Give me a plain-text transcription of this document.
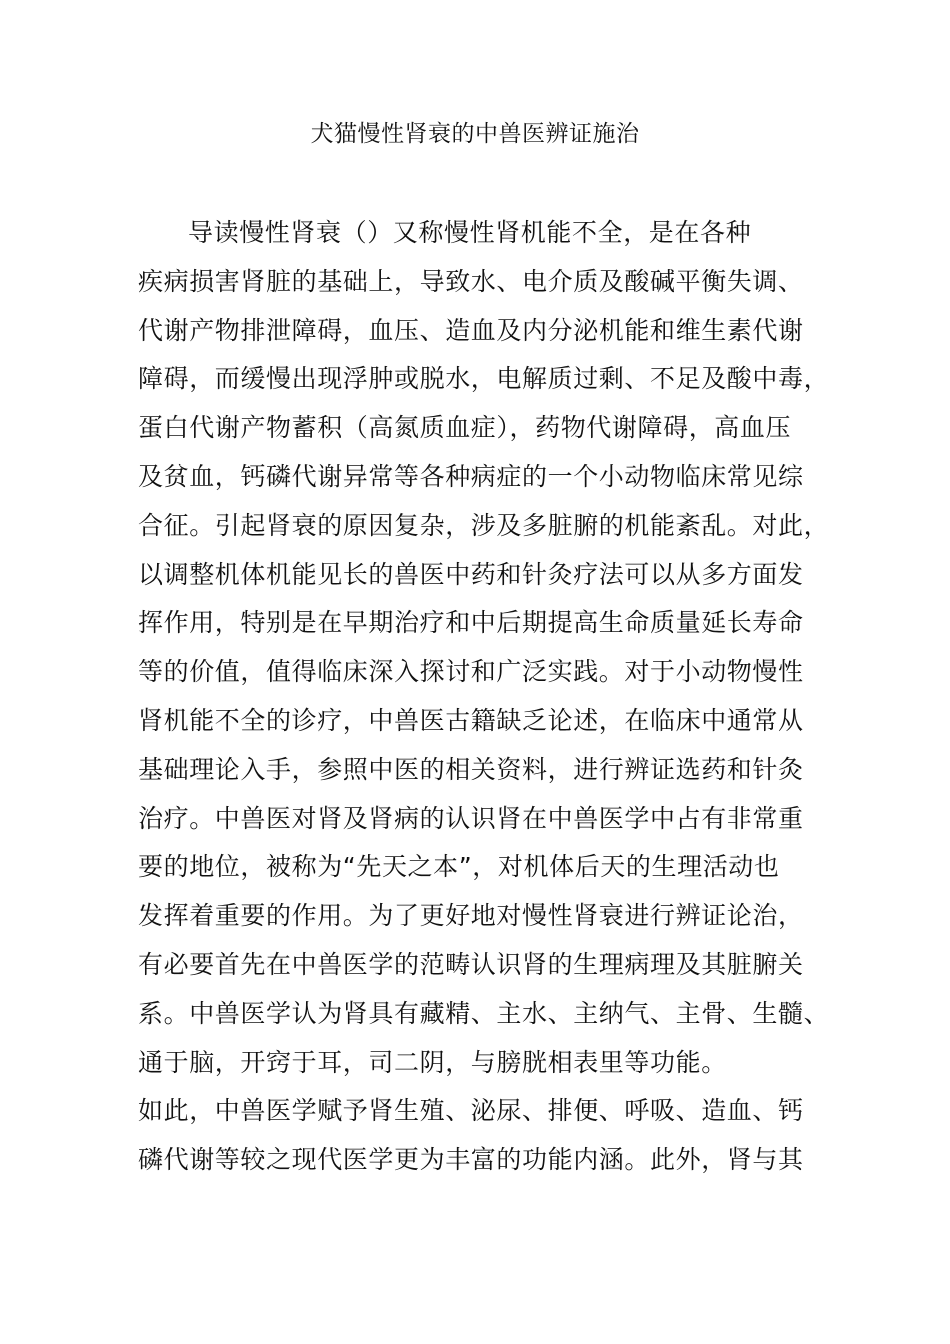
犬猫慢性肾衰的中兽医辨证施治
导读慢性肾衰（）又称慢性肾机能不全，是在各种
疾病损害肾脏的基础上，导致水、电介质及酸碱平衡失调、
代谢产物排泄障碍，血压、造血及内分泌机能和维生素代谢
障碍，而缓慢出现浮肿或脱水，电解质过剩、不足及酸中毒，
蛋白代谢产物蓄积（高氮质血症），药物代谢障碍，高血压
及贫血，钙磷代谢异常等各种病症的一个小动物临床常见综
合征。引起肾衰的原因复杂，涉及多脏腑的机能紊乱。对此，
以调整机体机能见长的兽医中药和针灸疗法可以从多方面发
挥作用，特别是在早期治疗和中后期提高生命质量延长寿命
等的价值，值得临床深入探讨和广泛实践。对于小动物慢性
肾机能不全的诊疗，中兽医古籍缺乏论述，在临床中通常从
基础理论入手，参照中医的相关资料，进行辨证选药和针灸
治疗。中兽医对肾及肾病的认识肾在中兽医学中占有非常重
要的地位，被称为“先天之本”，对机体后天的生理活动也
发挥着重要的作用。为了更好地对慢性肾衰进行辨证论治，
有必要首先在中兽医学的范畴认识肾的生理病理及其脏腑关
系。中兽医学认为肾具有藏精、主水、主纳气、主骨、生髓、
通于脑，开窍于耳，司二阴，与膀胱相表里等功能。
如此，中兽医学赋予肾生殖、泌尿、排便、呼吸、造血、钙
磷代谢等较之现代医学更为丰富的功能内涵。此外，肾与其
